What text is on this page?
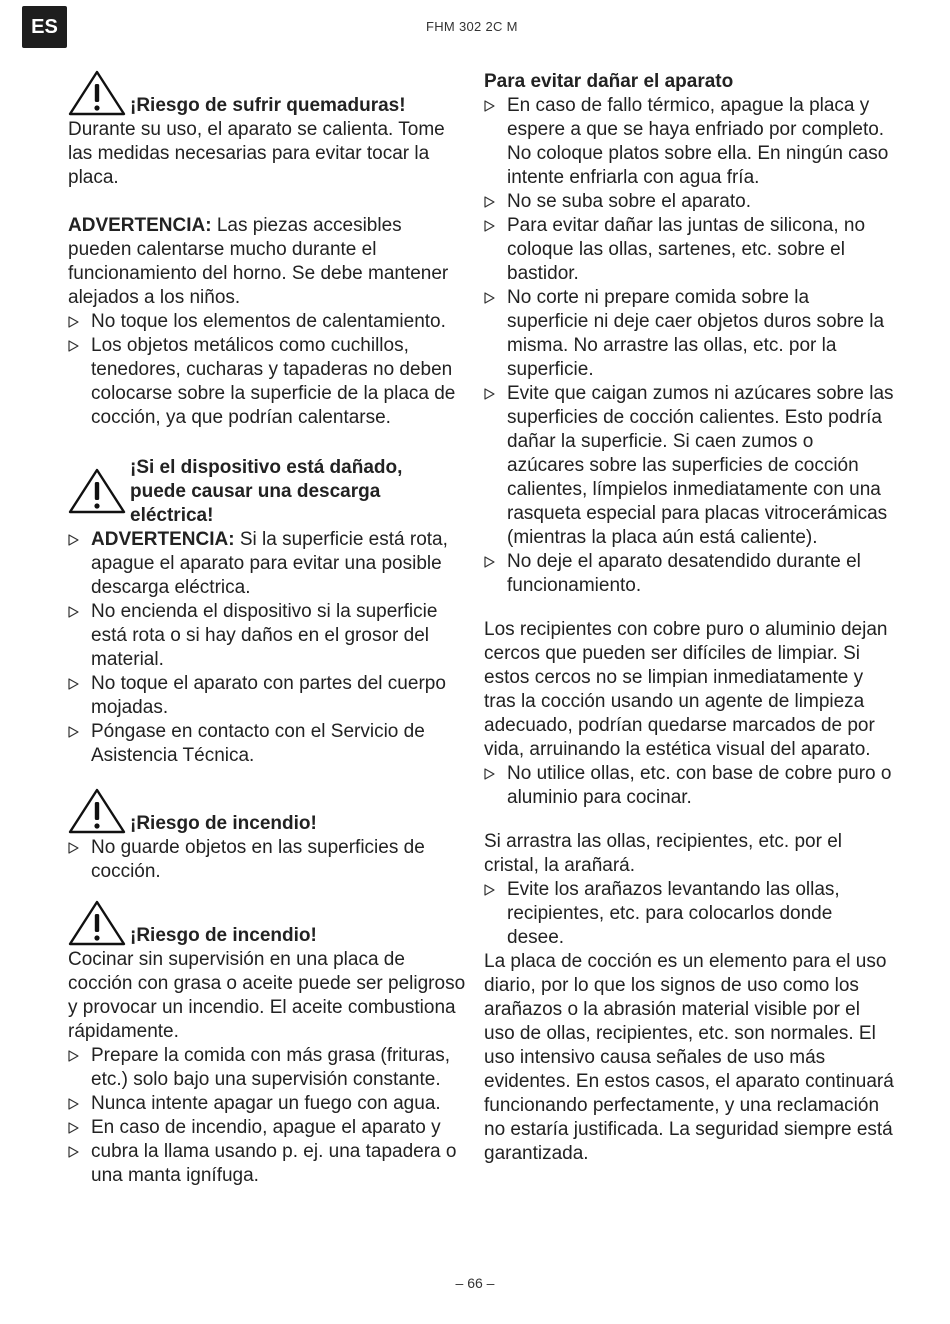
ES	FHM 302 2C M
¡Riesgo de sufrir quemaduras!

Durante su uso, el aparato se calienta. Tome las medidas necesarias para evitar tocar la placa.

ADVERTENCIA: Las piezas accesibles pueden calentarse mucho durante el funcionamiento del horno. Se debe mantener alejados a los niños.

No toque los elementos de calentamiento.
Los objetos metálicos como cuchillos, tenedores, cucharas y tapaderas no deben colocarse sobre la superficie de la placa de cocción, ya que podrían calentarse.
¡Si el dispositivo está dañado, puede causar una descarga eléctrica!
ADVERTENCIA: Si la superficie está rota, apague el aparato para evitar una posible descarga eléctrica.
No encienda el dispositivo si la superficie está rota o si hay daños en el grosor del material.
No toque el aparato con partes del cuerpo mojadas.
Póngase en contacto con el Servicio de Asistencia Técnica.
¡Riesgo de incendio!
No guarde objetos en las superficies de cocción.
¡Riesgo de incendio!

Cocinar sin supervisión en una placa de cocción con grasa o aceite puede ser peligroso y provocar un incendio. El aceite combustiona rápidamente.

Prepare la comida con más grasa (frituras, etc.) solo bajo una supervisión constante.
Nunca intente apagar un fuego con agua.
En caso de incendio, apague el aparato y
cubra la llama usando p. ej. una tapadera o una manta ignífuga.

Para evitar dañar el aparato

En caso de fallo térmico, apague la placa y espere a que se haya enfriado por completo. No coloque platos sobre ella. En ningún caso intente enfriarla con agua fría.
No se suba sobre el aparato.
Para evitar dañar las juntas de silicona, no coloque las ollas, sartenes, etc. sobre el bastidor.
No corte ni prepare comida sobre la superficie ni deje caer objetos duros sobre la misma. No arrastre las ollas, etc. por la superficie.
Evite que caigan zumos ni azúcares sobre las superficies de cocción calientes. Esto podría dañar la superficie. Si caen zumos o azúcares sobre las superficies de cocción calientes, límpielos inmediatamente con una rasqueta especial para placas vitrocerámicas (mientras la placa aún está caliente).
No deje el aparato desatendido durante el funcionamiento.

Los recipientes con cobre puro o aluminio dejan cercos que pueden ser difíciles de limpiar. Si estos cercos no se limpian inmediatamente y tras la cocción usando un agente de limpieza adecuado, podrían quedarse marcados de por vida, arruinando la estética visual del aparato.

No utilice ollas, etc. con base de cobre puro o aluminio para cocinar.

Si arrastra las ollas, recipientes, etc. por el cristal, la arañará.

Evite los arañazos levantando las ollas, recipientes, etc. para colocarlos donde desee.

La placa de cocción es un elemento para el uso diario, por lo que los signos de uso como los arañazos o la abrasión material visible por el uso de ollas, recipientes, etc. son normales. El uso intensivo causa señales de uso más evidentes. En estos casos, el aparato continuará funcionando perfectamente, y una reclamación no estaría justificada. La seguridad siempre está garantizada.

– 66 –
